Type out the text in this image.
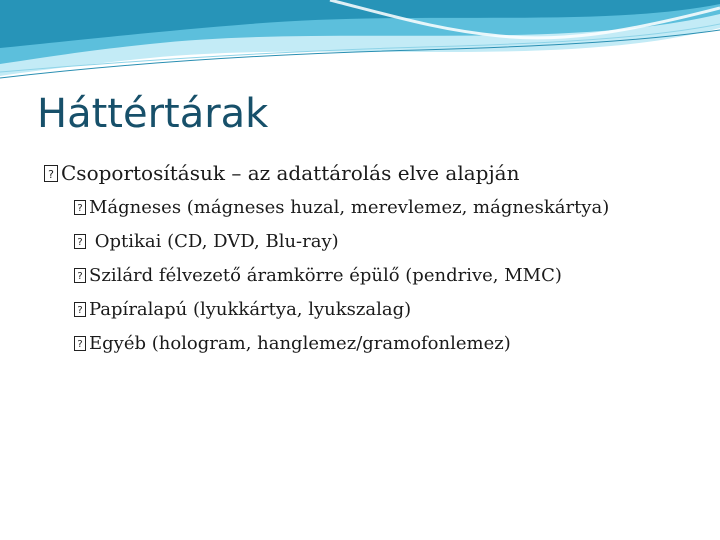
Háttértárak
? Csoportosításuk – az adattárolás elve alapján
? Mágneses (mágneses huzal, merevlemez, mágneskártya)
? Optikai (CD, DVD, Blu-ray)
? Szilárd félvezető áramkörre épülő (pendrive, MMC)
? Papíralapú (lyukkártya, lyukszalag)
? Egyéb (hologram, hanglemez/gramofonlemez)
